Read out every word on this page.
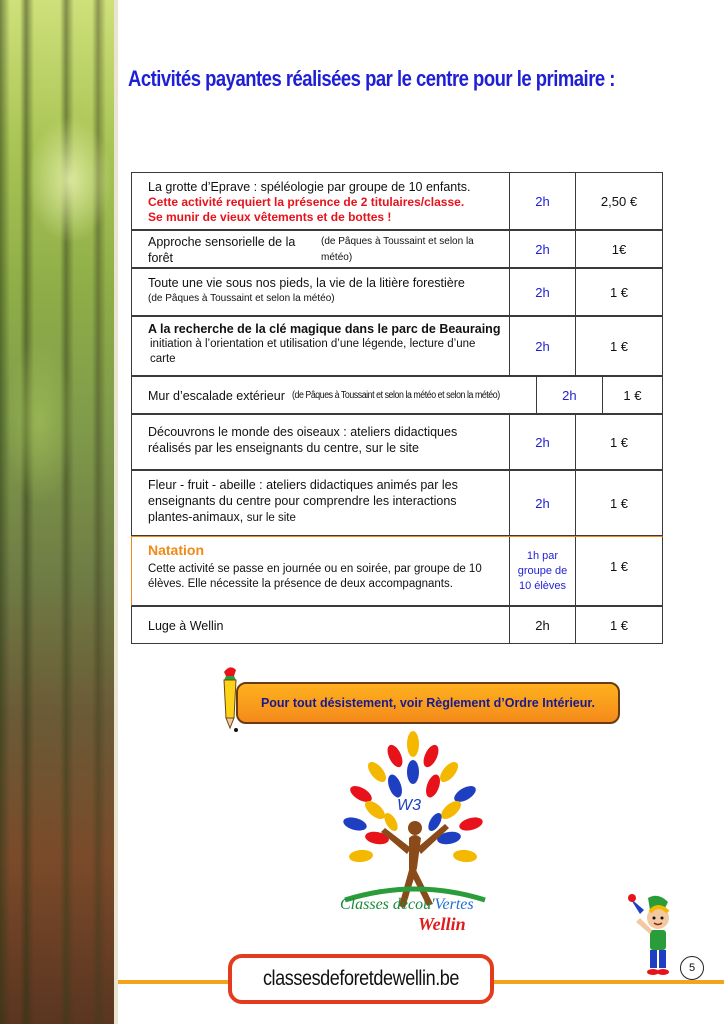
Activités payantes réalisées par le centre pour le primaire :
La grotte d’Eprave : spéléologie par groupe de 10 enfants.
Cette activité requiert la présence de 2 titulaires/classe.
Se munir de vieux vêtements et de bottes !
2h	2,50 €
Approche sensorielle de la forêt

(de Pâques à Toussaint et selon la météo)
2h	1€
Toute une vie sous nos pieds, la vie de la litière forestière
(de Pâques à Toussaint et selon la météo)	2h	1 €
A la recherche de la clé magique dans le parc de Beauraing
initiation à l’orientation et utilisation d’une légende, lecture d’une carte
2h	1 €
Mur d’escalade extérieur
(de Pâques à Toussaint et selon la météo et selon la météo)	2h	1 €
Découvrons le monde des oiseaux : ateliers didactiques réalisés par les enseignants du centre, sur le site	2h	1 €
Fleur - fruit - abeille : ateliers didactiques animés par les enseignants du centre pour comprendre les interactions plantes-animaux, sur le site
2h	1 €
Natation
Cette activité se passe en journée ou en soirée, par groupe de 10 élèves. Elle nécessite la présence de deux accompagnants.
1h par groupe de 10 élèves
1 €
Luge à Wellin	2h	1 €
Pour tout désistement, voir Règlement d’Ordre Intérieur.
W3
Classes décou'Vertes
Wellin
classesdeforetdewellin.be	5
